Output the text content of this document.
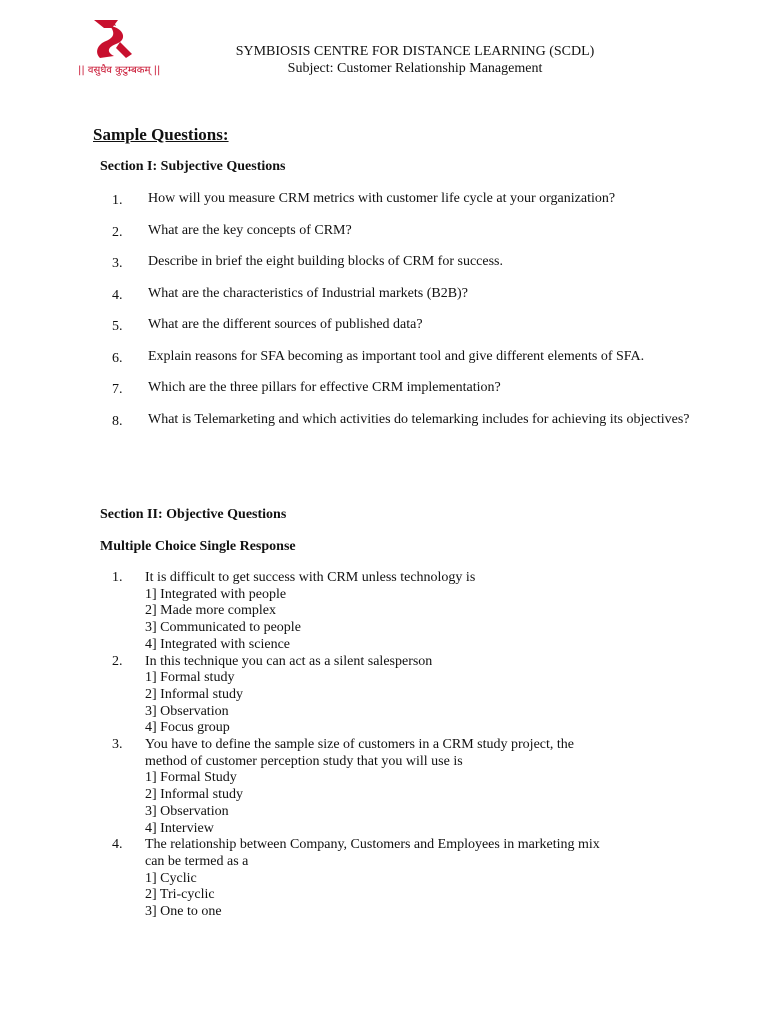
|| वसुधैव कुटुम्बकम् ||
SYMBIOSIS CENTRE FOR DISTANCE LEARNING (SCDL)
Subject: Customer Relationship Management
Sample Questions:
Section I: Subjective Questions
1. How will you measure CRM metrics with customer life cycle at your organization?
2. What are the key concepts of CRM?
3. Describe in brief the eight building blocks of CRM for success.
4. What are the characteristics of Industrial markets (B2B)?
5. What are the different sources of published data?
6. Explain reasons for SFA becoming as important tool and give different elements of SFA.
7. Which are the three pillars for effective CRM implementation?
8. What is Telemarketing and which activities do telemarking includes for achieving its objectives?
Section II: Objective Questions
Multiple Choice Single Response
1. It is difficult to get success with CRM unless technology is
1] Integrated with people
2] Made more complex
3] Communicated to people
4] Integrated with science
2. In this technique you can act as a silent salesperson
1] Formal study
2] Informal study
3] Observation
4] Focus group
3. You have to define the sample size of customers in a CRM study project, the
method of customer perception study that you will use is
1] Formal Study
2] Informal study
3] Observation
4] Interview
4. The relationship between Company, Customers and Employees in marketing mix
can be termed as a
1] Cyclic
2] Tri-cyclic
3] One to one
